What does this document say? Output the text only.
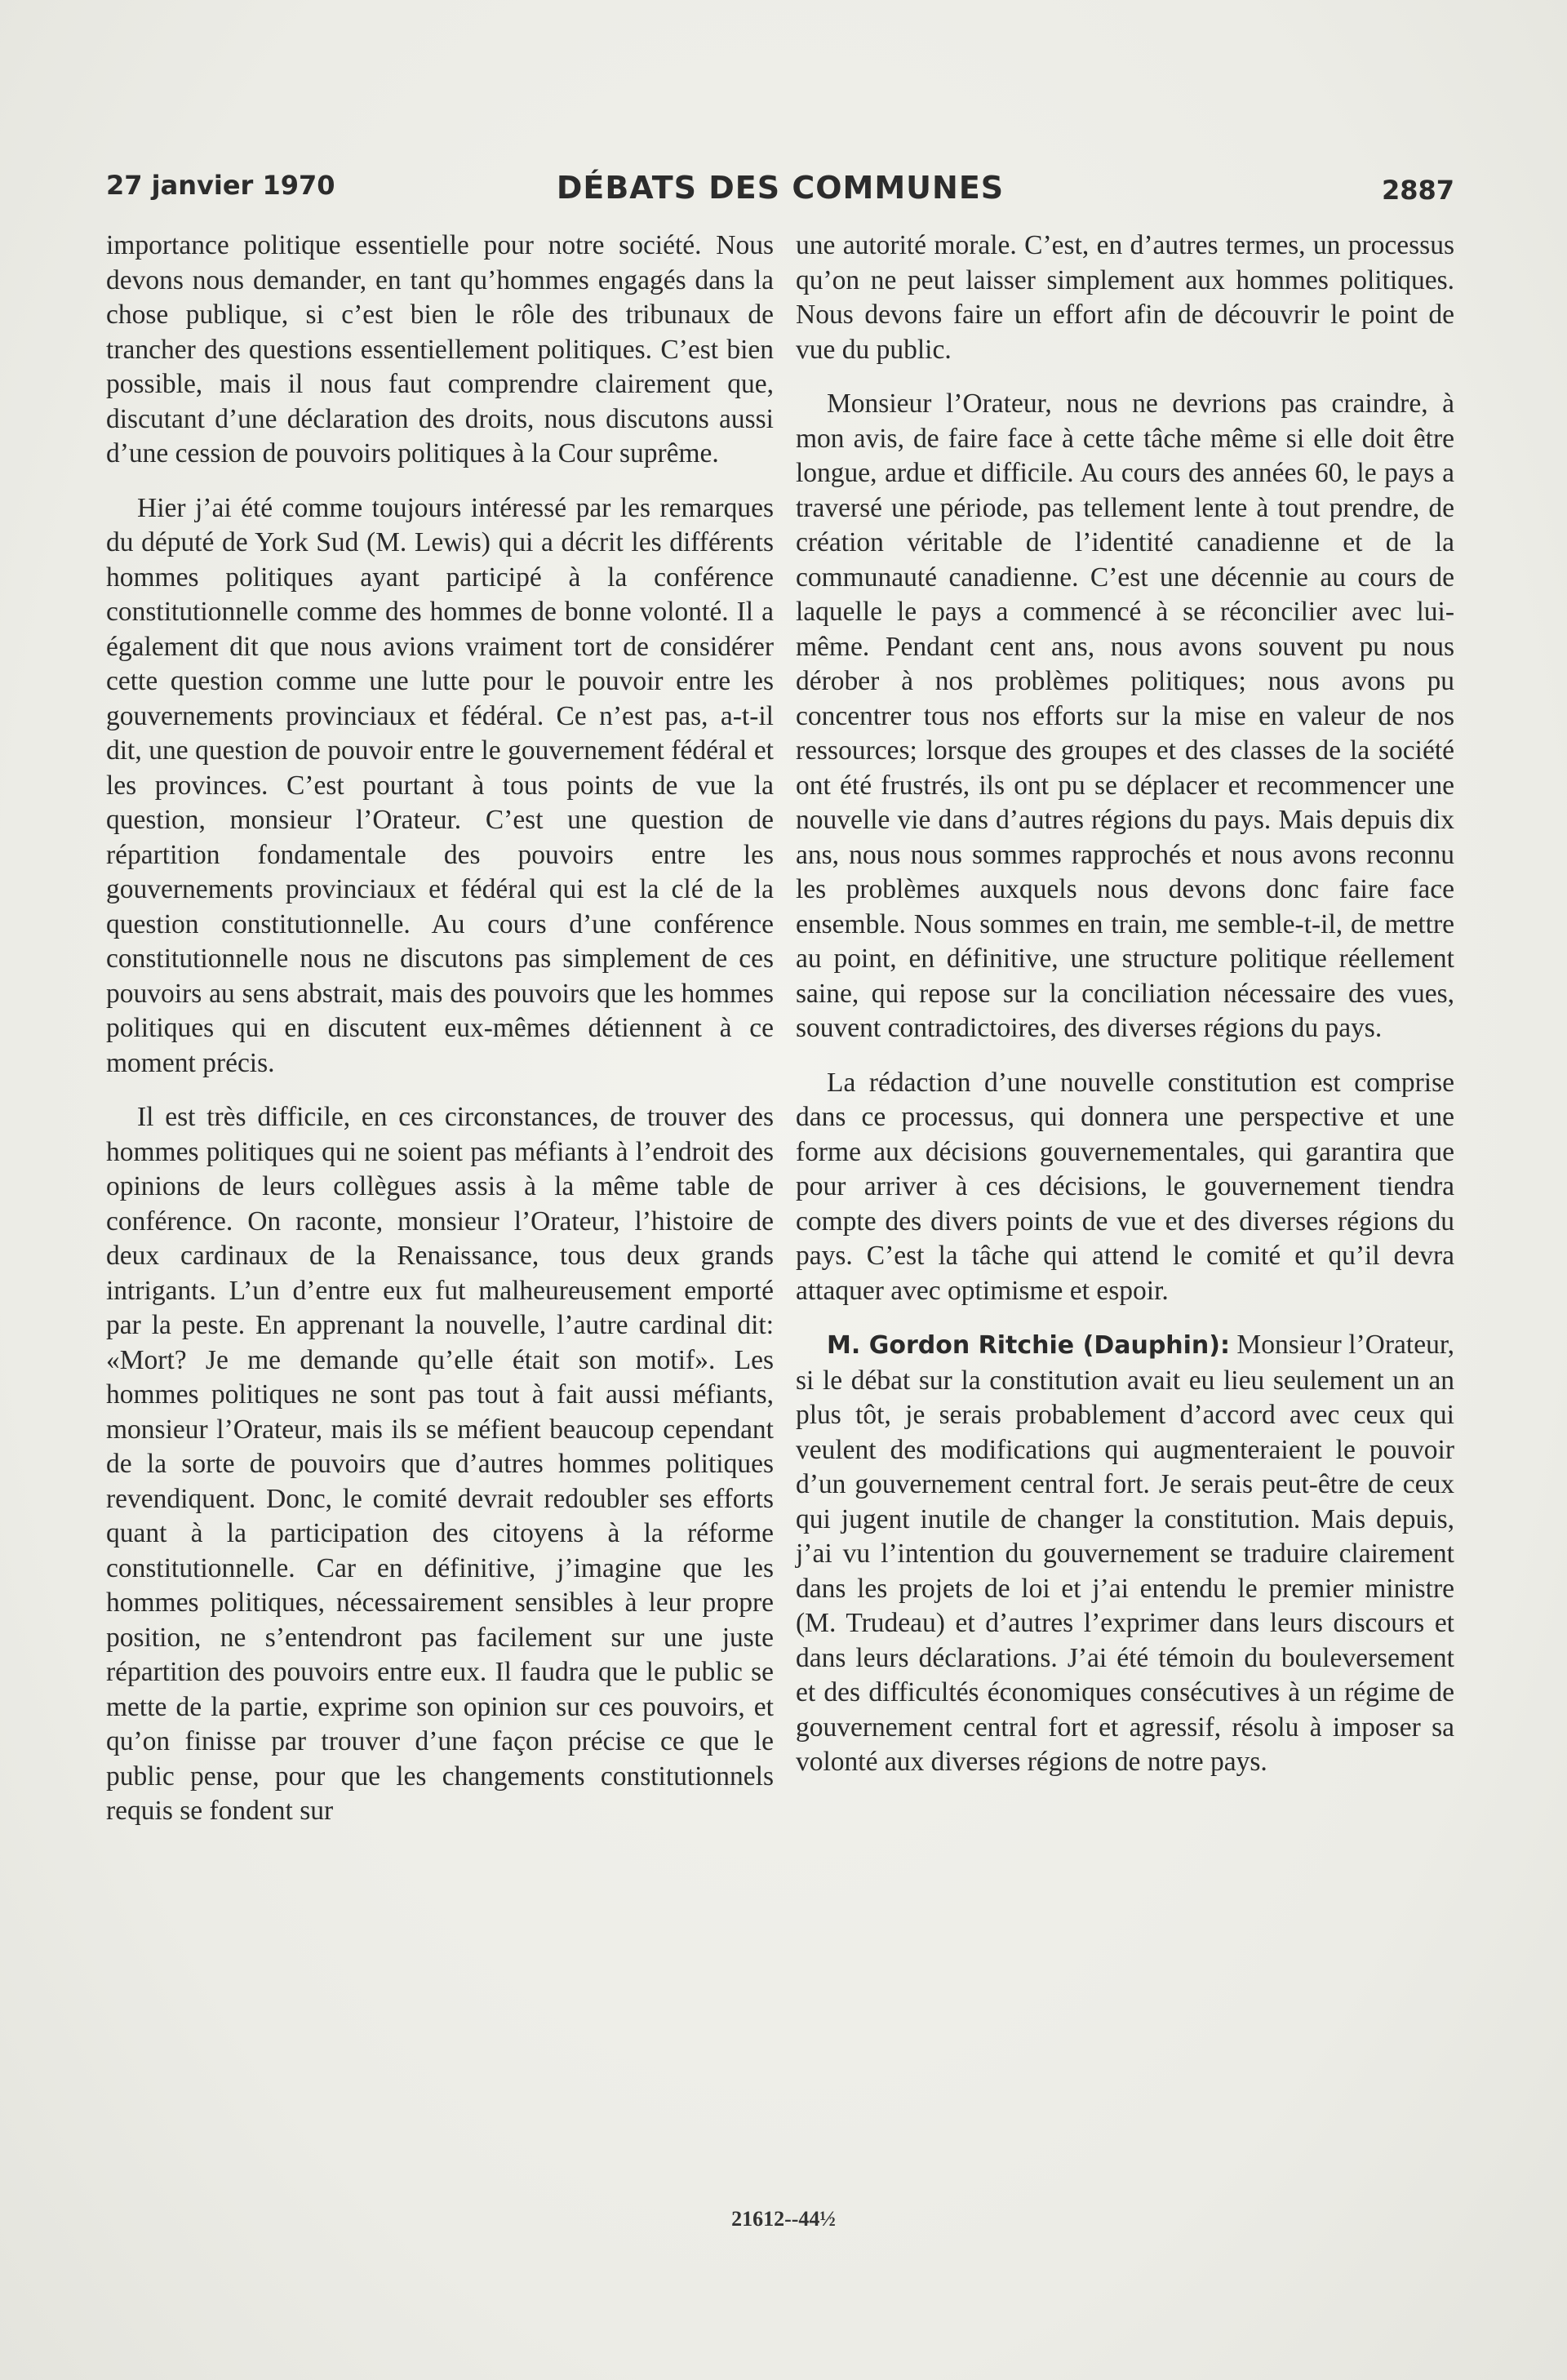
27 janvier 1970	DÉBATS DES COMMUNES	2887

importance politique essentielle pour notre société. Nous devons nous demander, en tant qu’hommes engagés dans la chose publique, si c’est bien le rôle des tribunaux de trancher des questions essentiellement politiques. C’est bien possible, mais il nous faut comprendre clairement que, discutant d’une déclaration des droits, nous discutons aussi d’une cession de pouvoirs politiques à la Cour suprême.

Hier j’ai été comme toujours intéressé par les remarques du député de York Sud (M. Lewis) qui a décrit les différents hommes politiques ayant participé à la conférence constitutionnelle comme des hommes de bonne volonté. Il a également dit que nous avions vraiment tort de considérer cette question comme une lutte pour le pouvoir entre les gouvernements provinciaux et fédéral. Ce n’est pas, a-t-il dit, une question de pouvoir entre le gouvernement fédéral et les provinces. C’est pourtant à tous points de vue la question, monsieur l’Orateur. C’est une question de répartition fondamentale des pouvoirs entre les gouvernements provinciaux et fédéral qui est la clé de la question constitutionnelle. Au cours d’une conférence constitutionnelle nous ne discutons pas simplement de ces pouvoirs au sens abstrait, mais des pouvoirs que les hommes politiques qui en discutent eux-mêmes détiennent à ce moment précis.

Il est très difficile, en ces circonstances, de trouver des hommes politiques qui ne soient pas méfiants à l’endroit des opinions de leurs collègues assis à la même table de conférence. On raconte, monsieur l’Orateur, l’histoire de deux cardinaux de la Renaissance, tous deux grands intrigants. L’un d’entre eux fut malheureusement emporté par la peste. En apprenant la nouvelle, l’autre cardinal dit: «Mort? Je me demande qu’elle était son motif». Les hommes politiques ne sont pas tout à fait aussi méfiants, monsieur l’Orateur, mais ils se méfient beaucoup cependant de la sorte de pouvoirs que d’autres hommes politiques revendiquent. Donc, le comité devrait redoubler ses efforts quant à la participation des citoyens à la réforme constitutionnelle. Car en définitive, j’imagine que les hommes politiques, nécessairement sensibles à leur propre position, ne s’entendront pas facilement sur une juste répartition des pouvoirs entre eux. Il faudra que le public se mette de la partie, exprime son opinion sur ces pouvoirs, et qu’on finisse par trouver d’une façon précise ce que le public pense, pour que les changements constitutionnels requis se fondent sur

une autorité morale. C’est, en d’autres termes, un processus qu’on ne peut laisser simplement aux hommes politiques. Nous devons faire un effort afin de découvrir le point de vue du public.

Monsieur l’Orateur, nous ne devrions pas craindre, à mon avis, de faire face à cette tâche même si elle doit être longue, ardue et difficile. Au cours des années 60, le pays a traversé une période, pas tellement lente à tout prendre, de création véritable de l’identité canadienne et de la communauté canadienne. C’est une décennie au cours de laquelle le pays a commencé à se réconcilier avec lui-même. Pendant cent ans, nous avons souvent pu nous dérober à nos problèmes politiques; nous avons pu concentrer tous nos efforts sur la mise en valeur de nos ressources; lorsque des groupes et des classes de la société ont été frustrés, ils ont pu se déplacer et recommencer une nouvelle vie dans d’autres régions du pays. Mais depuis dix ans, nous nous sommes rapprochés et nous avons reconnu les problèmes auxquels nous devons donc faire face ensemble. Nous sommes en train, me semble-t-il, de mettre au point, en définitive, une structure politique réellement saine, qui repose sur la conciliation nécessaire des vues, souvent contradictoires, des diverses régions du pays.

La rédaction d’une nouvelle constitution est comprise dans ce processus, qui donnera une perspective et une forme aux décisions gouvernementales, qui garantira que pour arriver à ces décisions, le gouvernement tiendra compte des divers points de vue et des diverses régions du pays. C’est la tâche qui attend le comité et qu’il devra attaquer avec optimisme et espoir.

M. Gordon Ritchie (Dauphin): Monsieur l’Orateur, si le débat sur la constitution avait eu lieu seulement un an plus tôt, je serais probablement d’accord avec ceux qui veulent des modifications qui augmenteraient le pouvoir d’un gouvernement central fort. Je serais peut-être de ceux qui jugent inutile de changer la constitution. Mais depuis, j’ai vu l’intention du gouvernement se traduire clairement dans les projets de loi et j’ai entendu le premier ministre (M. Trudeau) et d’autres l’exprimer dans leurs discours et dans leurs déclarations. J’ai été témoin du bouleversement et des difficultés économiques consécutives à un régime de gouvernement central fort et agressif, résolu à imposer sa volonté aux diverses régions de notre pays.

21612--44½
